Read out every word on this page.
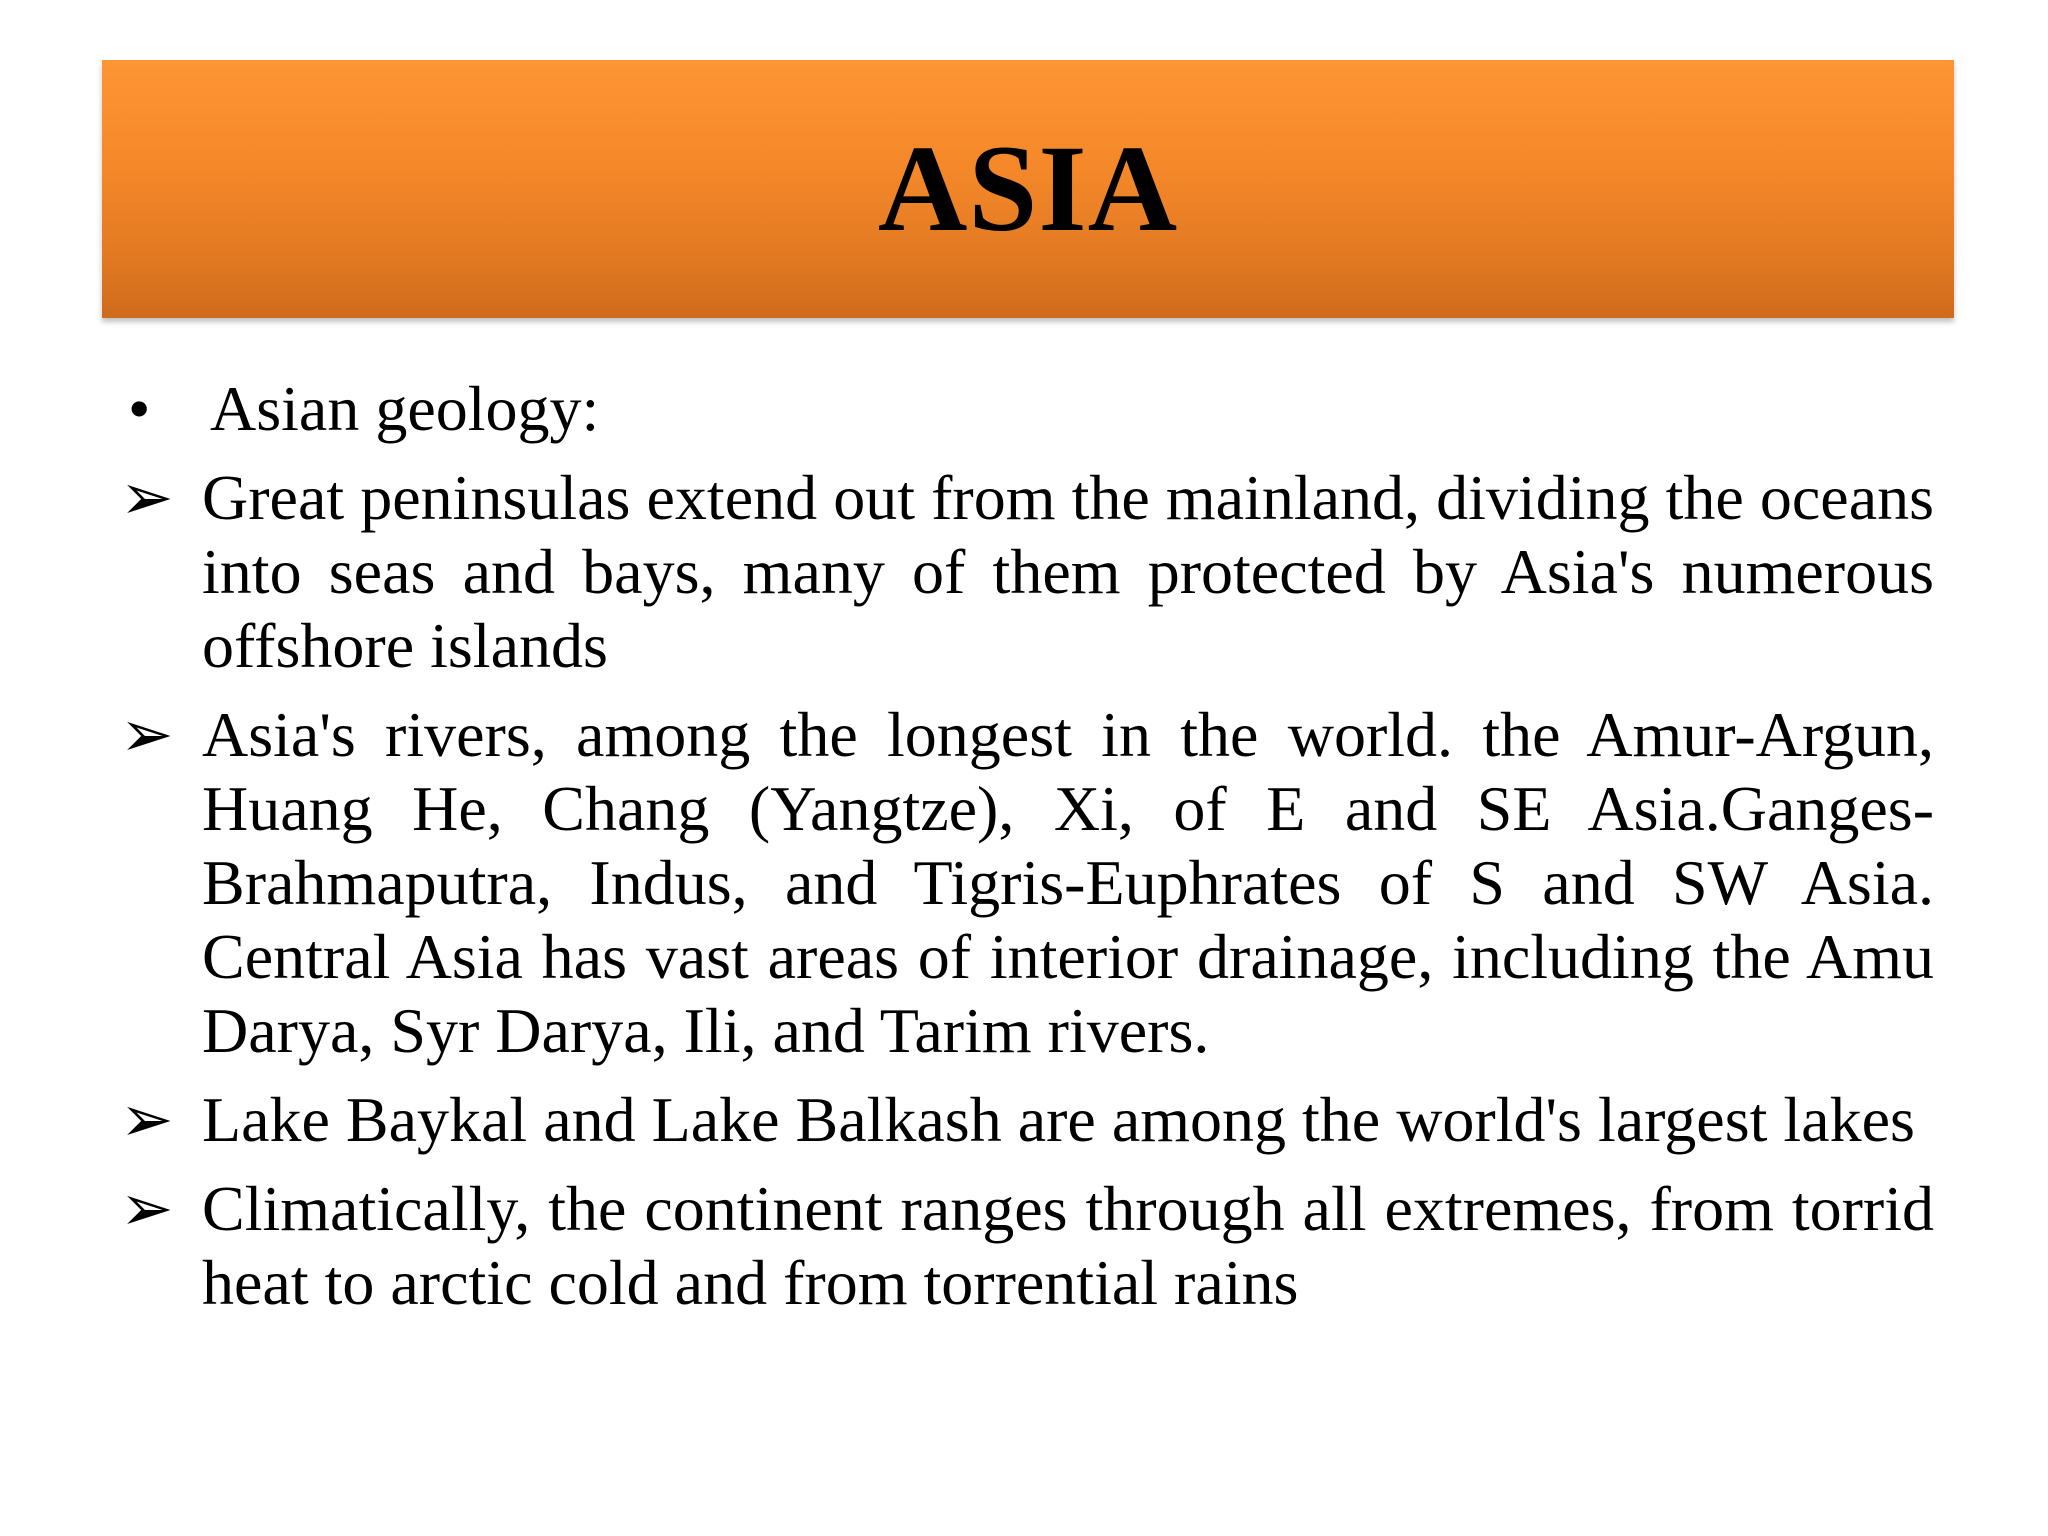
ASIA
• Asian geology:
➢ Great peninsulas extend out from the mainland, dividing the oceans into seas and bays, many of them protected by Asia's numerous offshore islands
➢ Asia's rivers, among the longest in the world. the Amur-Argun, Huang He, Chang (Yangtze), Xi, of E and SE Asia.Ganges-Brahmaputra, Indus, and Tigris-Euphrates of S and SW Asia. Central Asia has vast areas of interior drainage, including the Amu Darya, Syr Darya, Ili, and Tarim rivers.
➢ Lake Baykal and Lake Balkash are among the world's largest lakes
➢ Climatically, the continent ranges through all extremes, from torrid heat to arctic cold and from torrential rains
